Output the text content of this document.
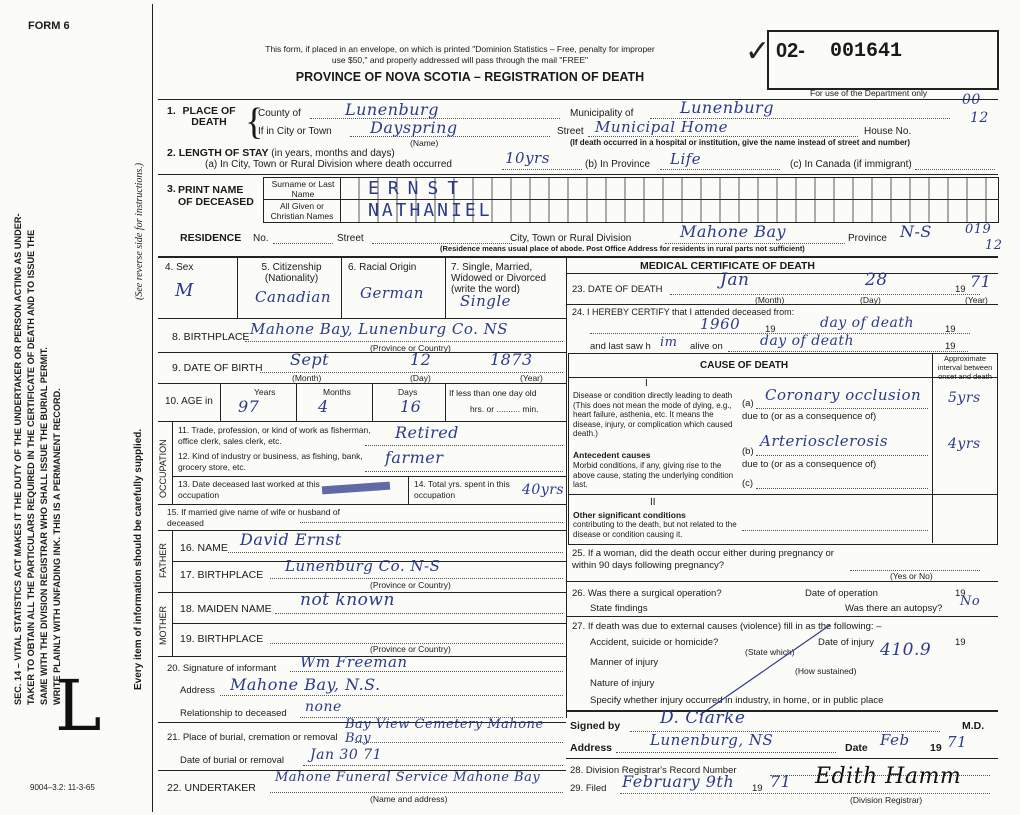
FORM 6
This form, if placed in an envelope, on which is printed "Dominion Statistics – Free, penalty for improper
use $50," and properly addressed will pass through the mail "FREE"
PROVINCE OF NOVA SCOTIA – REGISTRATION OF DEATH
✓ 02- 001641
For use of the Department only 00
12
SEC. 14 – VITAL STATISTICS ACT MAKES IT THE DUTY OF THE UNDERTAKER OR PERSON ACTING AS UNDER- TAKER TO OBTAIN ALL THE PARTICULARS REQUIRED IN THE CERTIFICATE OF DEATH AND TO ISSUE THE SAME WITH THE DIVISION REGISTRAR WHO SHALL ISSUE THE BURIAL PERMIT. WRITE PLAINLY WITH UNFADING INK. THIS IS A PERMANENT RECORD.	Every item of information should be carefully supplied.
(See reverse side for instructions.)
L
9004–3.2: 11-3-65
1. PLACE OF DEATH {
County of	Lunenburg	Municipality of	Lunenburg
If in City or Town Dayspring
(Name)
Street Municipal Home	House No.
(If death occurred in a hospital or institution, give the name instead of street and number)
2. LENGTH OF STAY (in years, months and days)
(a) In City, Town or Rural Division where death occurred	10yrs	(b) In Province Life	(c) In Canada (if immigrant)
3. PRINT NAME OF DECEASED
Surname or Last Name
All Given or Christian Names
ERNST
NATHANIEL
RESIDENCE No.	Street	City, Town or Rural Division	Mahone Bay	Province N-S	019
12
(Residence means usual place of abode. Post Office Address for residents in rural parts not sufficient)
4. Sex
M
5. Citizenship (Nationality)
Canadian
6. Racial Origin
German
7. Single, Married, Widowed or Divorced (write the word)
Single
8. BIRTHPLACE Mahone Bay, Lunenburg Co. NS
(Province or Country)
9. DATE OF BIRTH Sept	12	1873
(Month)	(Day)	(Year)
10. AGE in
Years	Months	Days
97	4	16
If less than one day old
hrs. or .......... min.
OCCUPATION
11. Trade, profession, or kind of work as fisherman, office clerk, sales clerk, etc.	Retired
12. Kind of industry or business, as fishing, bank, grocery store, etc.	farmer
13. Date deceased last worked at this occupation
14. Total yrs. spent in this occupation	40yrs
15. If married give name of wife or husband of deceased
FATHER 16. NAME David Ernst
17. BIRTHPLACE Lunenburg Co. N-S
(Province or Country)
MOTHER 18. MAIDEN NAME not known
19. BIRTHPLACE
(Province or Country)
20. Signature of informant Wm Freeman
Address Mahone Bay, N.S.
Relationship to deceased none
21. Place of burial, cremation or removal
Bay View Cemetery Mahone Bay
Date of burial or removal Jan 30 71
22. UNDERTAKER
Mahone Funeral Service Mahone Bay
(Name and address)
MEDICAL CERTIFICATE OF DEATH
23. DATE OF DEATH	Jan	28	19 71
(Month)	(Day)	(Year)
24. I HEREBY CERTIFY that I attended deceased from:
1960	19	day of death	19
and last saw h im alive on	day of death	19
CAUSE OF DEATH
Approximate interval between onset and death
I
Disease or condition directly leading to death (This does not mean the mode of dying, e.g., heart failure, asthenia, etc. It means the disease, injury, or complication which caused death.)
(a) Coronary occlusion 5yrs
due to (or as a consequence of)
Antecedent causes
Morbid conditions, if any, giving rise to the above cause, stating the underlying condition last.
(b)
Arteriosclerosis	4yrs
due to (or as a consequence of)
(c)
II
Other significant conditions
contributing to the death, but not related to the disease or condition causing it.
25. If a woman, did the death occur either during pregnancy or within 90 days following pregnancy?
(Yes or No)
26. Was there a surgical operation?	Date of operation	19
State findings	Was there an autopsy? No
27. If death was due to external causes (violence) fill in as the following: –
Accident, suicide or homicide?	Date of injury	19
(State which)
Manner of injury
410.9
(How sustained)
Nature of injury
Specify whether injury occurred in industry, in home, or in public place
Signed by D. Clarke	M.D.
Address	Lunenburg, NS	Date Feb 19 71
28. Division Registrar's Record Number
29. Filed February 9th 19 71 Edith Hamm
(Division Registrar)
